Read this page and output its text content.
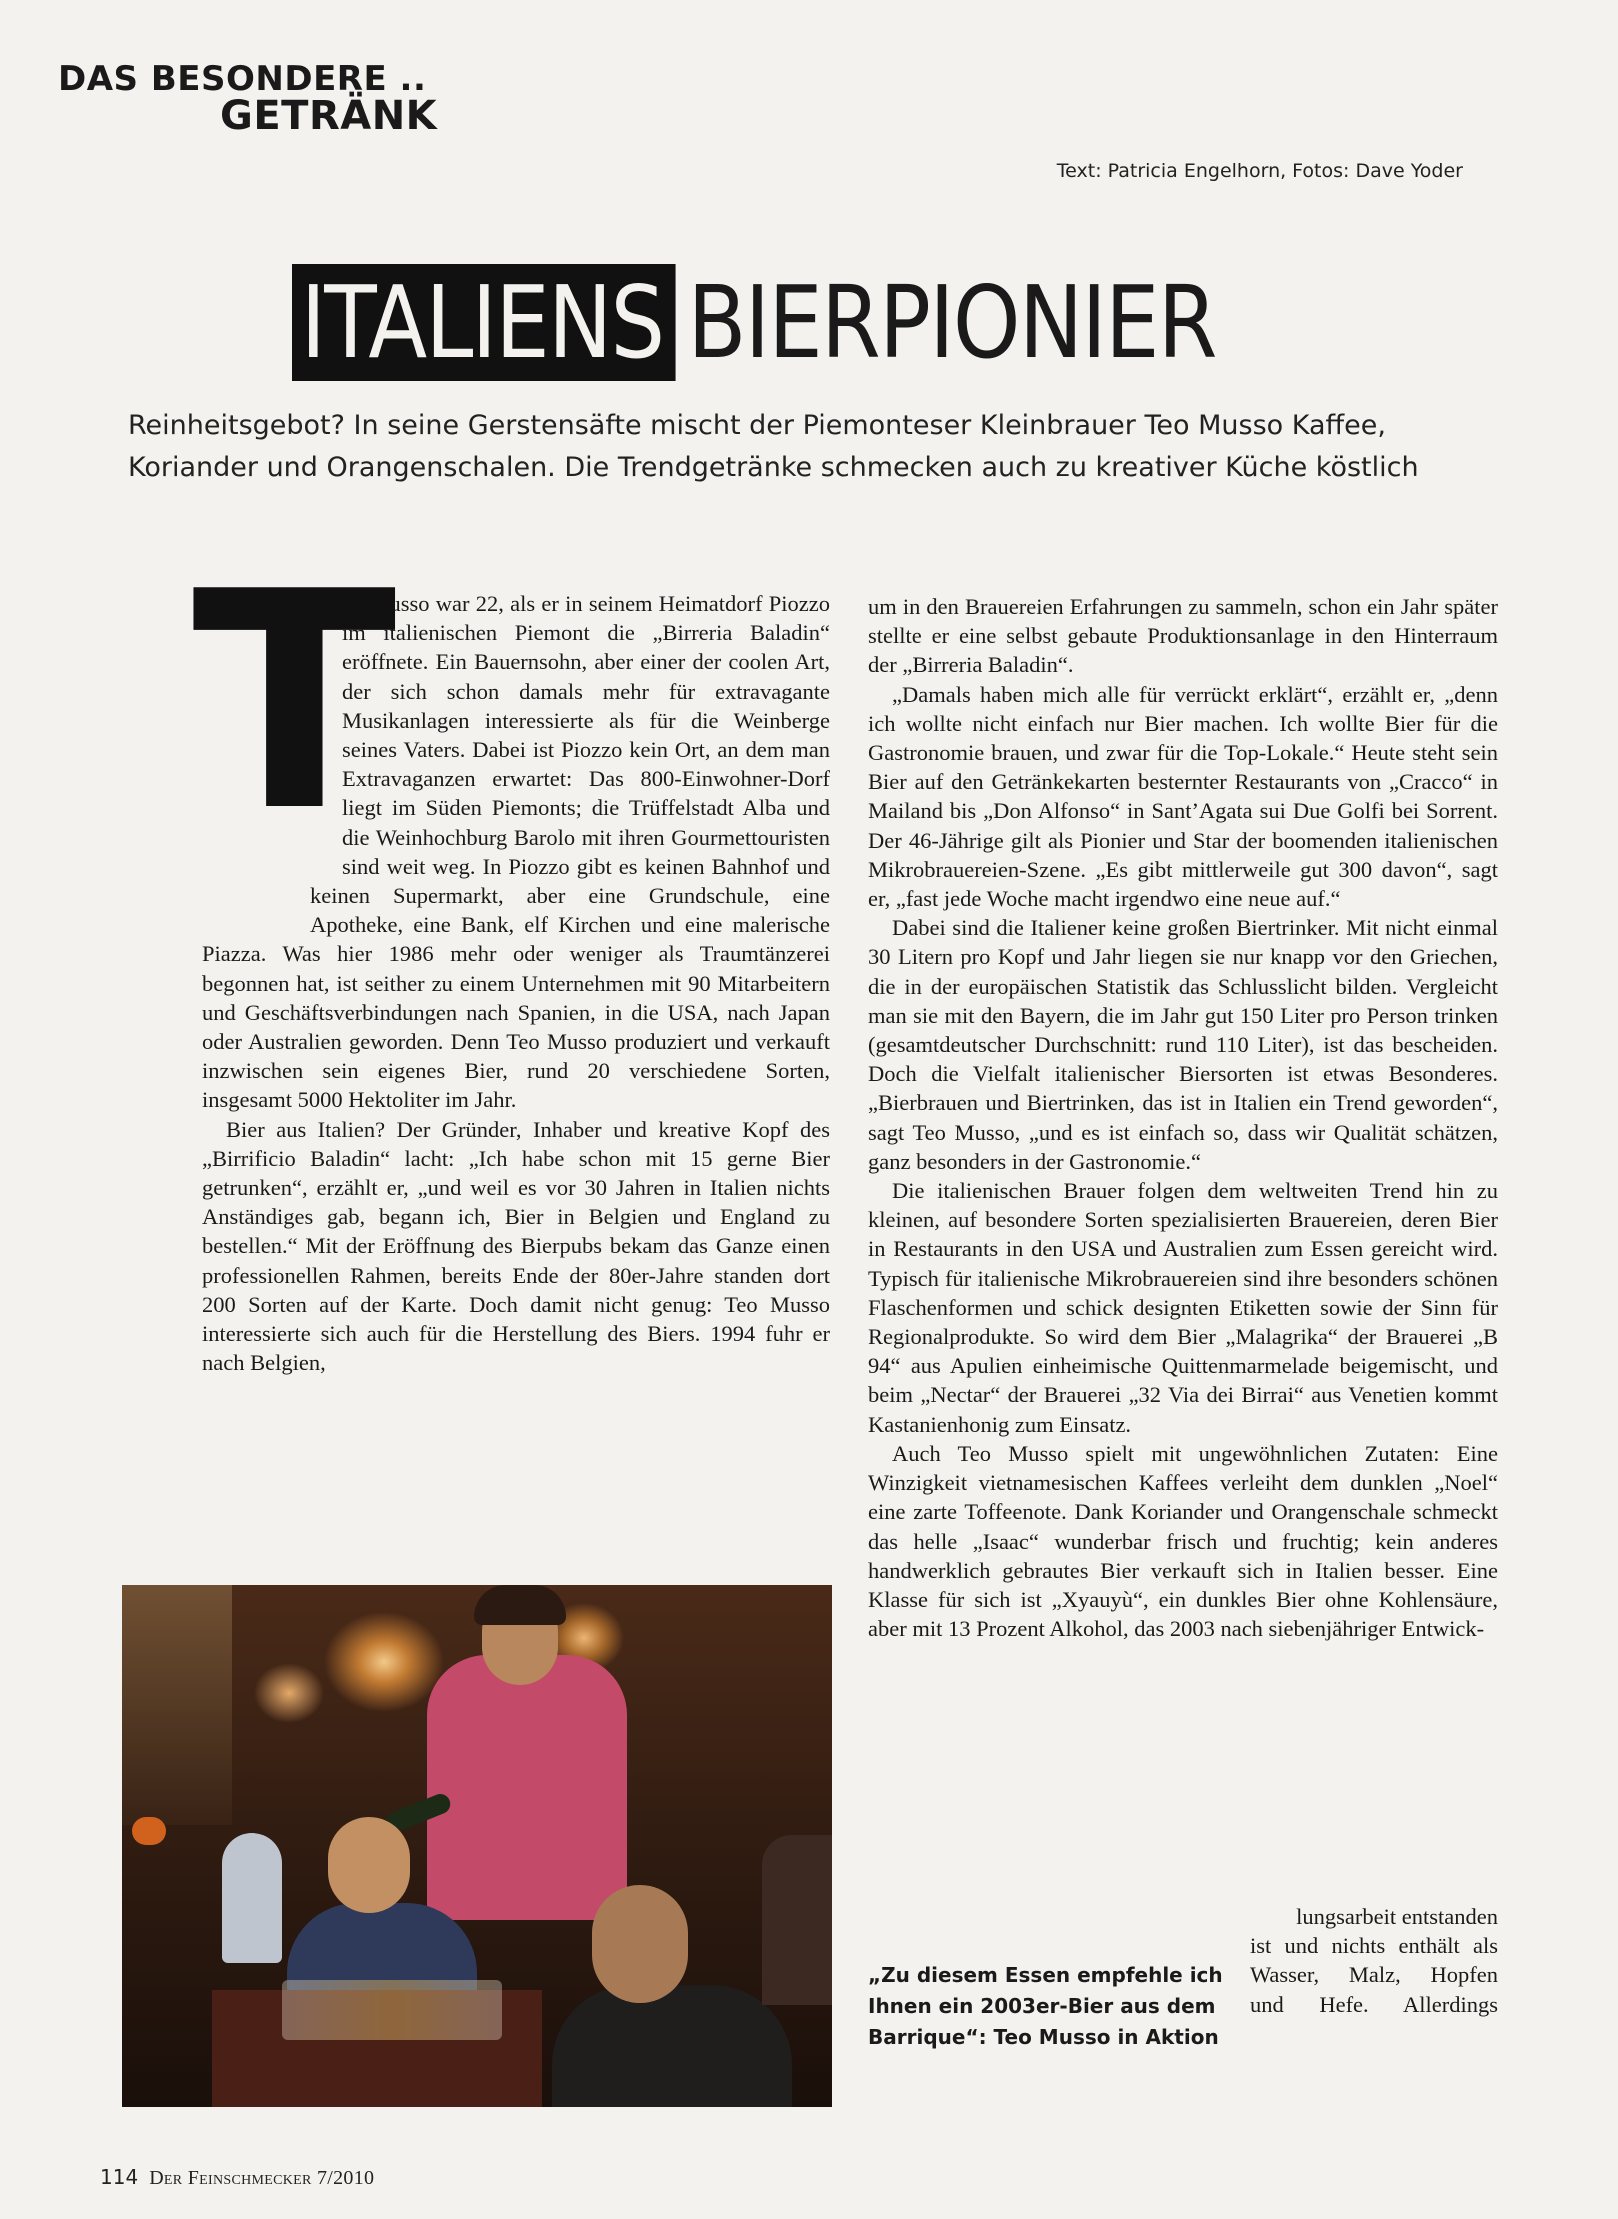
DAS BESONDERE ..
GETRÄNK
Text: Patricia Engelhorn, Fotos: Dave Yoder
ITALIENS BIERPIONIER
Reinheitsgebot? In seine Gerstensäfte mischt der Piemonteser Kleinbrauer Teo Musso Kaffee, Koriander und Orangenschalen. Die Trendgetränke schmecken auch zu kreativer Küche köstlich
T

eo Musso war 22, als er in seinem Heimatdorf Piozzo im italienischen Piemont die „Birreria Baladin“ eröffnete. Ein Bauernsohn, aber einer der coolen Art, der sich schon damals mehr für extravagante Musikanlagen interessierte als für die Weinberge seines Vaters. Dabei ist Piozzo kein Ort, an dem man Extravaganzen erwartet: Das 800-Einwohner-Dorf liegt im Süden Piemonts; die Trüffelstadt Alba und die Weinhochburg Barolo mit ihren Gourmettouristen sind weit weg. In Piozzo gibt es keinen Bahnhof und keinen Supermarkt, aber eine Grundschule, eine Apotheke, eine Bank, elf Kirchen und eine malerische Piazza. Was hier 1986 mehr oder weniger als Traumtänzerei begonnen hat, ist seither zu einem Unternehmen mit 90 Mitarbeitern und Geschäftsverbindungen nach Spanien, in die USA, nach Japan oder Australien geworden. Denn Teo Musso produziert und verkauft inzwischen sein eigenes Bier, rund 20 verschiedene Sorten, insgesamt 5000 Hektoliter im Jahr.

Bier aus Italien? Der Gründer, Inhaber und kreative Kopf des „Birrificio Baladin“ lacht: „Ich habe schon mit 15 gerne Bier getrunken“, erzählt er, „und weil es vor 30 Jahren in Italien nichts Anständiges gab, begann ich, Bier in Belgien und England zu bestellen.“ Mit der Eröffnung des Bierpubs bekam das Ganze einen professionellen Rahmen, bereits Ende der 80er-Jahre standen dort 200 Sorten auf der Karte. Doch damit nicht genug: Teo Musso interessierte sich auch für die Herstellung des Biers. 1994 fuhr er nach Belgien,

um in den Brauereien Erfahrungen zu sammeln, schon ein Jahr später stellte er eine selbst gebaute Produktionsanlage in den Hinterraum der „Birreria Baladin“.

„Damals haben mich alle für verrückt erklärt“, erzählt er, „denn ich wollte nicht einfach nur Bier machen. Ich wollte Bier für die Gastronomie brauen, und zwar für die Top-Lokale.“ Heute steht sein Bier auf den Getränkekarten besternter Restaurants von „Cracco“ in Mailand bis „Don Alfonso“ in Sant’Agata sui Due Golfi bei Sorrent. Der 46-Jährige gilt als Pionier und Star der boomenden italienischen Mikrobrauereien-Szene. „Es gibt mittlerweile gut 300 davon“, sagt er, „fast jede Woche macht irgendwo eine neue auf.“

Dabei sind die Italiener keine großen Biertrinker. Mit nicht einmal 30 Litern pro Kopf und Jahr liegen sie nur knapp vor den Griechen, die in der europäischen Statistik das Schlusslicht bilden. Vergleicht man sie mit den Bayern, die im Jahr gut 150 Liter pro Person trinken (gesamtdeutscher Durchschnitt: rund 110 Liter), ist das bescheiden. Doch die Vielfalt italienischer Biersorten ist etwas Besonderes. „Bierbrauen und Biertrinken, das ist in Italien ein Trend geworden“, sagt Teo Musso, „und es ist einfach so, dass wir Qualität schätzen, ganz besonders in der Gastronomie.“

Die italienischen Brauer folgen dem weltweiten Trend hin zu kleinen, auf besondere Sorten spezialisierten Brauereien, deren Bier in Restaurants in den USA und Australien zum Essen gereicht wird. Typisch für italienische Mikrobrauereien sind ihre besonders schönen Flaschenformen und schick designten Etiketten sowie der Sinn für Regionalprodukte. So wird dem Bier „Malagrika“ der Brauerei „B 94“ aus Apulien einheimische Quittenmarmelade beigemischt, und beim „Nectar“ der Brauerei „32 Via dei Birrai“ aus Venetien kommt Kastanienhonig zum Einsatz.

Auch Teo Musso spielt mit ungewöhnlichen Zutaten: Eine Winzigkeit vietnamesischen Kaffees verleiht dem dunklen „Noel“ eine zarte Toffeenote. Dank Koriander und Orangenschale schmeckt das helle „Isaac“ wunderbar frisch und fruchtig; kein anderes handwerklich gebrautes Bier verkauft sich in Italien besser. Eine Klasse für sich ist „Xyauyù“, ein dunkles Bier ohne Kohlensäure, aber mit 13 Prozent Alkohol, das 2003 nach siebenjähriger Entwick-

„Zu diesem Essen empfehle ich
Ihnen ein 2003er-Bier aus dem
Barrique“: Teo Musso in Aktion
lungsarbeit entstanden
ist und nichts enthält als
Wasser, Malz, Hopfen
und Hefe. Allerdings
114 Der Feinschmecker 7/2010
